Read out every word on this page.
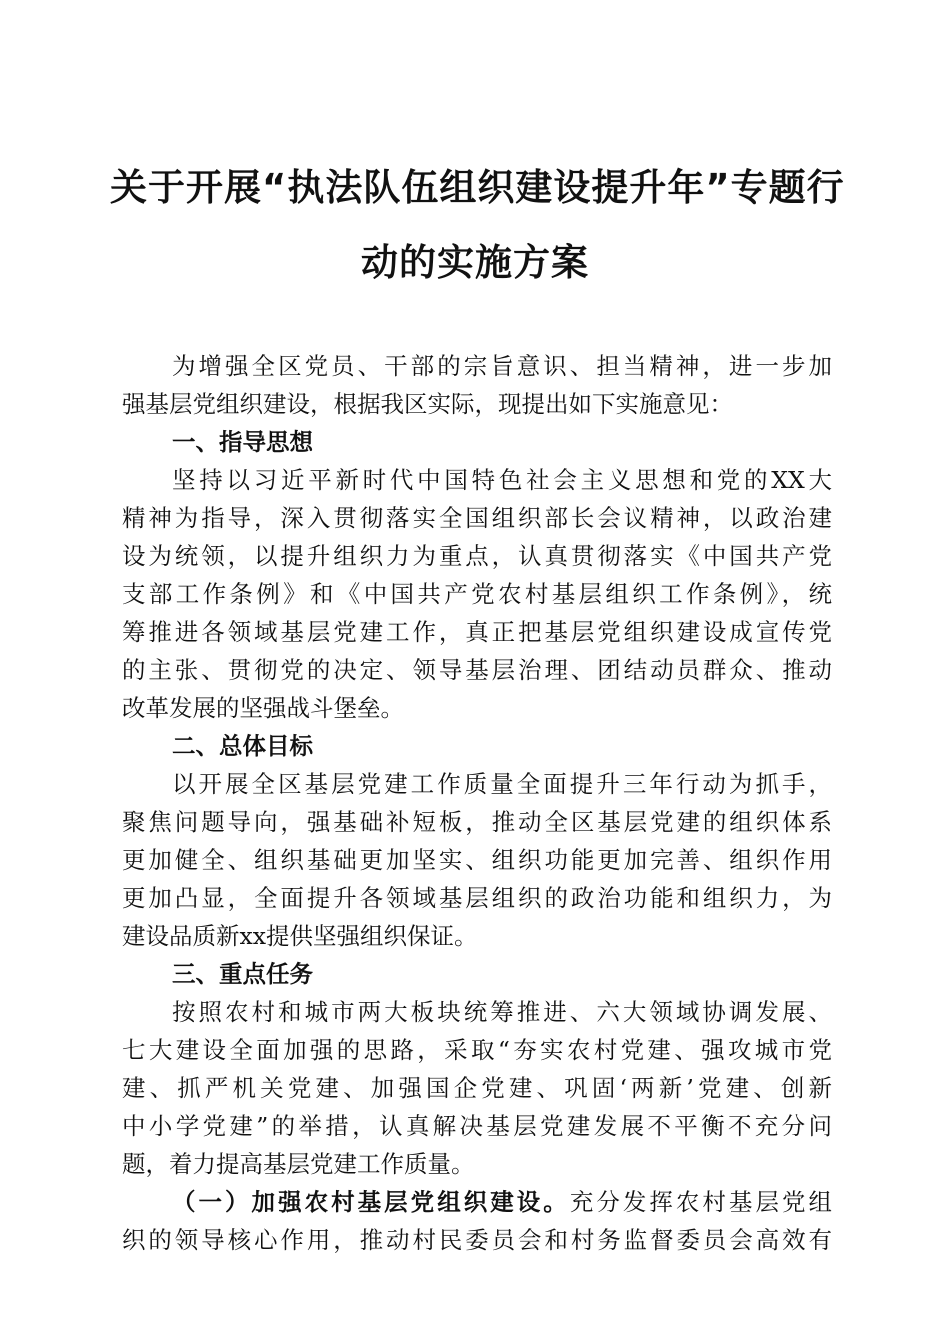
关于开展“执法队伍组织建设提升年”专题行
动的实施方案
为增强全区党员、干部的宗旨意识、担当精神，进一步加
强基层党组织建设，根据我区实际，现提出如下实施意见：
一、指导思想
坚持以习近平新时代中国特色社会主义思想和党的XX大
精神为指导，深入贯彻落实全国组织部长会议精神，以政治建
设为统领，以提升组织力为重点，认真贯彻落实《中国共产党
支部工作条例》和《中国共产党农村基层组织工作条例》，统
筹推进各领域基层党建工作，真正把基层党组织建设成宣传党
的主张、贯彻党的决定、领导基层治理、团结动员群众、推动
改革发展的坚强战斗堡垒。
二、总体目标
以开展全区基层党建工作质量全面提升三年行动为抓手，
聚焦问题导向，强基础补短板，推动全区基层党建的组织体系
更加健全、组织基础更加坚实、组织功能更加完善、组织作用
更加凸显，全面提升各领域基层组织的政治功能和组织力，为
建设品质新xx提供坚强组织保证。
三、重点任务
按照农村和城市两大板块统筹推进、六大领域协调发展、
七大建设全面加强的思路，采取“夯实农村党建、强攻城市党
建、抓严机关党建、加强国企党建、巩固‘两新’党建、创新
中小学党建”的举措，认真解决基层党建发展不平衡不充分问
题，着力提高基层党建工作质量。
（一）加强农村基层党组织建设。充分发挥农村基层党组
织的领导核心作用，推动村民委员会和村务监督委员会高效有
